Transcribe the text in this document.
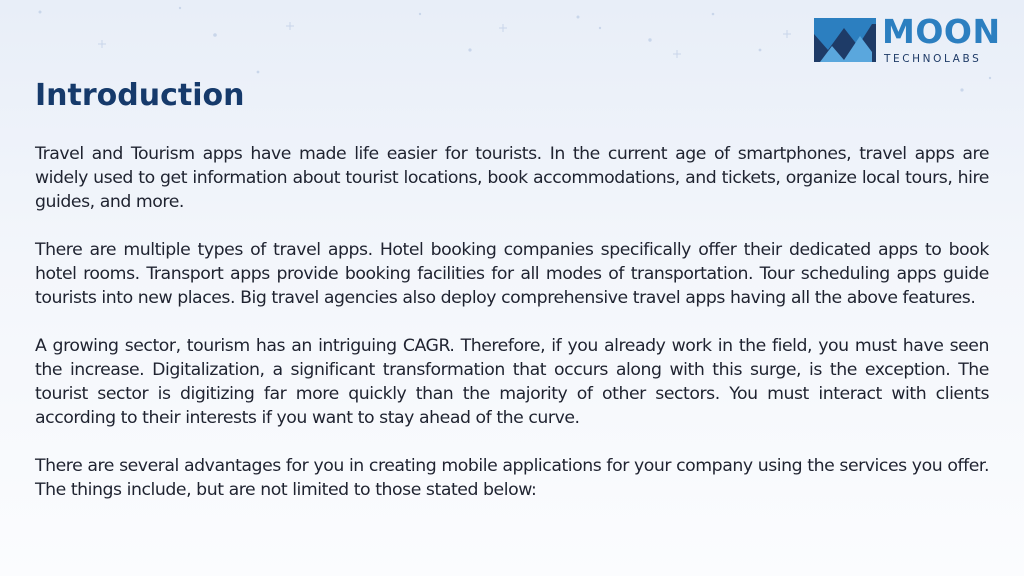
MOON
TECHNOLABS
Introduction

Travel and Tourism apps have made life easier for tourists. In the current age of smartphones, travel apps are widely used to get information about tourist locations, book accommodations, and tickets, organize local tours, hire guides, and more.

There are multiple types of travel apps. Hotel booking companies specifically offer their dedicated apps to book hotel rooms. Transport apps provide booking facilities for all modes of transportation. Tour scheduling apps guide tourists into new places. Big travel agencies also deploy comprehensive travel apps having all the above features.

A growing sector, tourism has an intriguing CAGR. Therefore, if you already work in the field, you must have seen the increase. Digitalization, a significant transformation that occurs along with this surge, is the exception. The tourist sector is digitizing far more quickly than the majority of other sectors. You must interact with clients according to their interests if you want to stay ahead of the curve.

There are several advantages for you in creating mobile applications for your company using the services you offer. The things include, but are not limited to those stated below:
